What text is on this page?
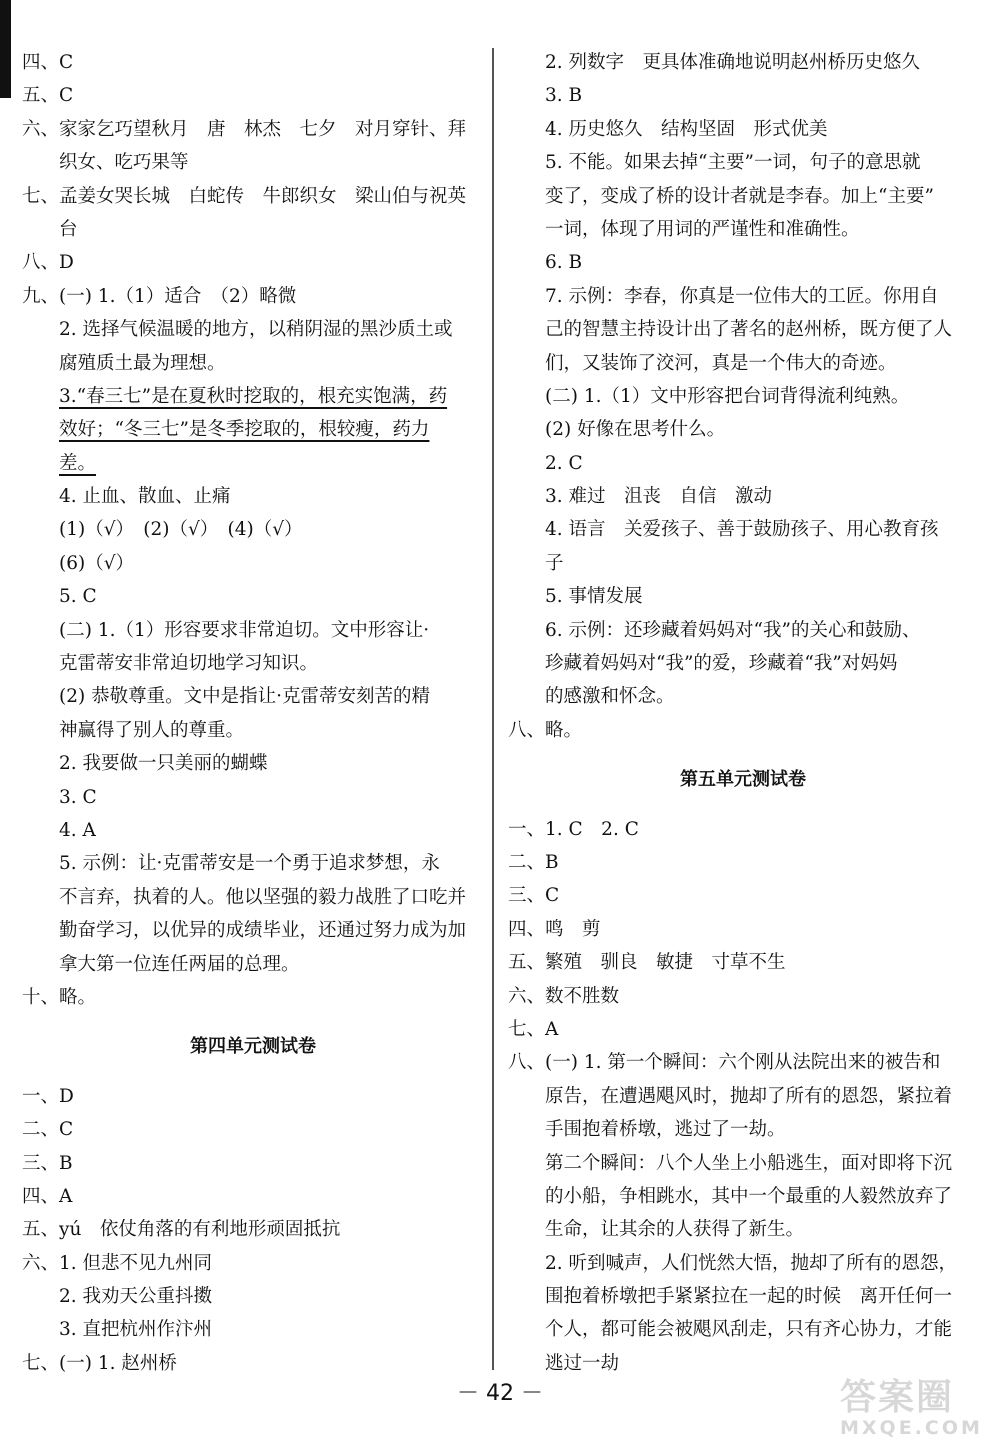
四、C
五、C
六、家家乞巧望秋月　唐　林杰　七夕　对月穿针、拜
织女、吃巧果等
七、孟姜女哭长城　白蛇传　牛郎织女　梁山伯与祝英
台
八、D
九、(一) 1.（1）适合　（2）略微
2. 选择气候温暖的地方，以稍阴湿的黑沙质土或
腐殖质土最为理想。
3.“春三七”是在夏秋时挖取的，根充实饱满，药
效好；“冬三七”是冬季挖取的，根较瘦，药力
差。
4. 止血、散血、止痛
(1)（√）　(2)（√）　(4)（√）
(6)（√）
5. C
(二) 1.（1）形容要求非常迫切。文中形容让·
克雷蒂安非常迫切地学习知识。
(2) 恭敬尊重。文中是指让·克雷蒂安刻苦的精
神赢得了别人的尊重。
2. 我要做一只美丽的蝴蝶
3. C
4. A
5. 示例：让·克雷蒂安是一个勇于追求梦想，永
不言弃，执着的人。他以坚强的毅力战胜了口吃并
勤奋学习，以优异的成绩毕业，还通过努力成为加
拿大第一位连任两届的总理。
十、略。
第四单元测试卷
一、D
二、C
三、B
四、A
五、yú　依仗角落的有利地形顽固抵抗
六、1. 但悲不见九州同
2. 我劝天公重抖擞
3. 直把杭州作汴州
七、(一) 1. 赵州桥
2. 列数字　更具体准确地说明赵州桥历史悠久
3. B
4. 历史悠久　结构坚固　形式优美
5. 不能。如果去掉“主要”一词，句子的意思就
变了，变成了桥的设计者就是李春。加上“主要”
一词，体现了用词的严谨性和准确性。
6. B
7. 示例：李春，你真是一位伟大的工匠。你用自
己的智慧主持设计出了著名的赵州桥，既方便了人
们，又装饰了洨河，真是一个伟大的奇迹。
(二) 1.（1）文中形容把台词背得流利纯熟。
(2) 好像在思考什么。
2. C
3. 难过　沮丧　自信　激动
4. 语言　关爱孩子、善于鼓励孩子、用心教育孩
子
5. 事情发展
6. 示例：还珍藏着妈妈对“我”的关心和鼓励、
珍藏着妈妈对“我”的爱，珍藏着“我”对妈妈
的感激和怀念。
八、略。
第五单元测试卷
一、1. C　2. C
二、B
三、C
四、鸣　剪
五、繁殖　驯良　敏捷　寸草不生
六、数不胜数
七、A
八、(一) 1. 第一个瞬间：六个刚从法院出来的被告和
原告，在遭遇飓风时，抛却了所有的恩怨，紧拉着
手围抱着桥墩，逃过了一劫。
第二个瞬间：八个人坐上小船逃生，面对即将下沉
的小船，争相跳水，其中一个最重的人毅然放弃了
生命，让其余的人获得了新生。
2. 听到喊声，人们恍然大悟，抛却了所有的恩怨，
围抱着桥墩把手紧紧拉在一起的时候　离开任何一
个人，都可能会被飓风刮走，只有齐心协力，才能
逃过一劫
－ 42 －	答案圈
MXQE.COM
